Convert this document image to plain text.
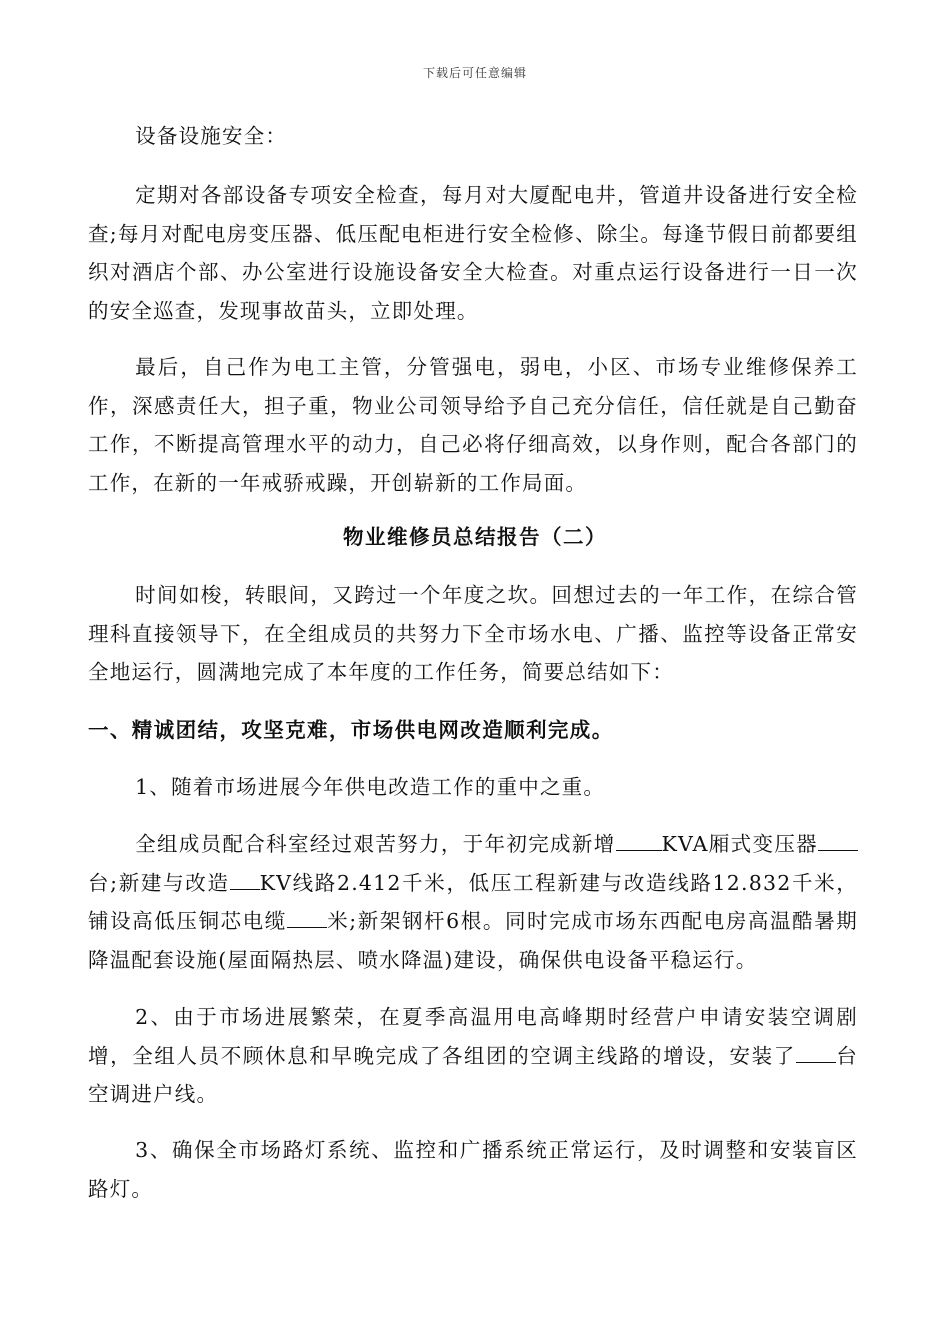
下载后可任意编辑
设备设施安全：
定期对各部设备专项安全检查，每月对大厦配电井，管道井设备进行安全检查;每月对配电房变压器、低压配电柜进行安全检修、除尘。每逢节假日前都要组织对酒店个部、办公室进行设施设备安全大检查。对重点运行设备进行一日一次的安全巡查，发现事故苗头，立即处理。
最后，自己作为电工主管，分管强电，弱电，小区、市场专业维修保养工作，深感责任大，担子重，物业公司领导给予自己充分信任，信任就是自己勤奋工作，不断提高管理水平的动力，自己必将仔细高效，以身作则，配合各部门的工作，在新的一年戒骄戒躁，开创崭新的工作局面。
物业维修员总结报告（二）
时间如梭，转眼间，又跨过一个年度之坎。回想过去的一年工作，在综合管理科直接领导下，在全组成员的共努力下全市场水电、广播、监控等设备正常安全地运行，圆满地完成了本年度的工作任务，简要总结如下：
一、精诚团结，攻坚克难，市场供电网改造顺利完成。
1、随着市场进展今年供电改造工作的重中之重。
全组成员配合科室经过艰苦努力，于年初完成新增 KVA厢式变压器台;新建与改造 KV线路2.412千米，低压工程新建与改造线路12.832千米，铺设高低压铜芯电缆 米;新架钢杆6根。同时完成市场东西配电房高温酷暑期降温配套设施(屋面隔热层、喷水降温)建设，确保供电设备平稳运行。
2、由于市场进展繁荣，在夏季高温用电高峰期时经营户申请安装空调剧增，全组人员不顾休息和早晚完成了各组团的空调主线路的增设，安装了 台空调进户线。
3、确保全市场路灯系统、监控和广播系统正常运行，及时调整和安装盲区路灯。
